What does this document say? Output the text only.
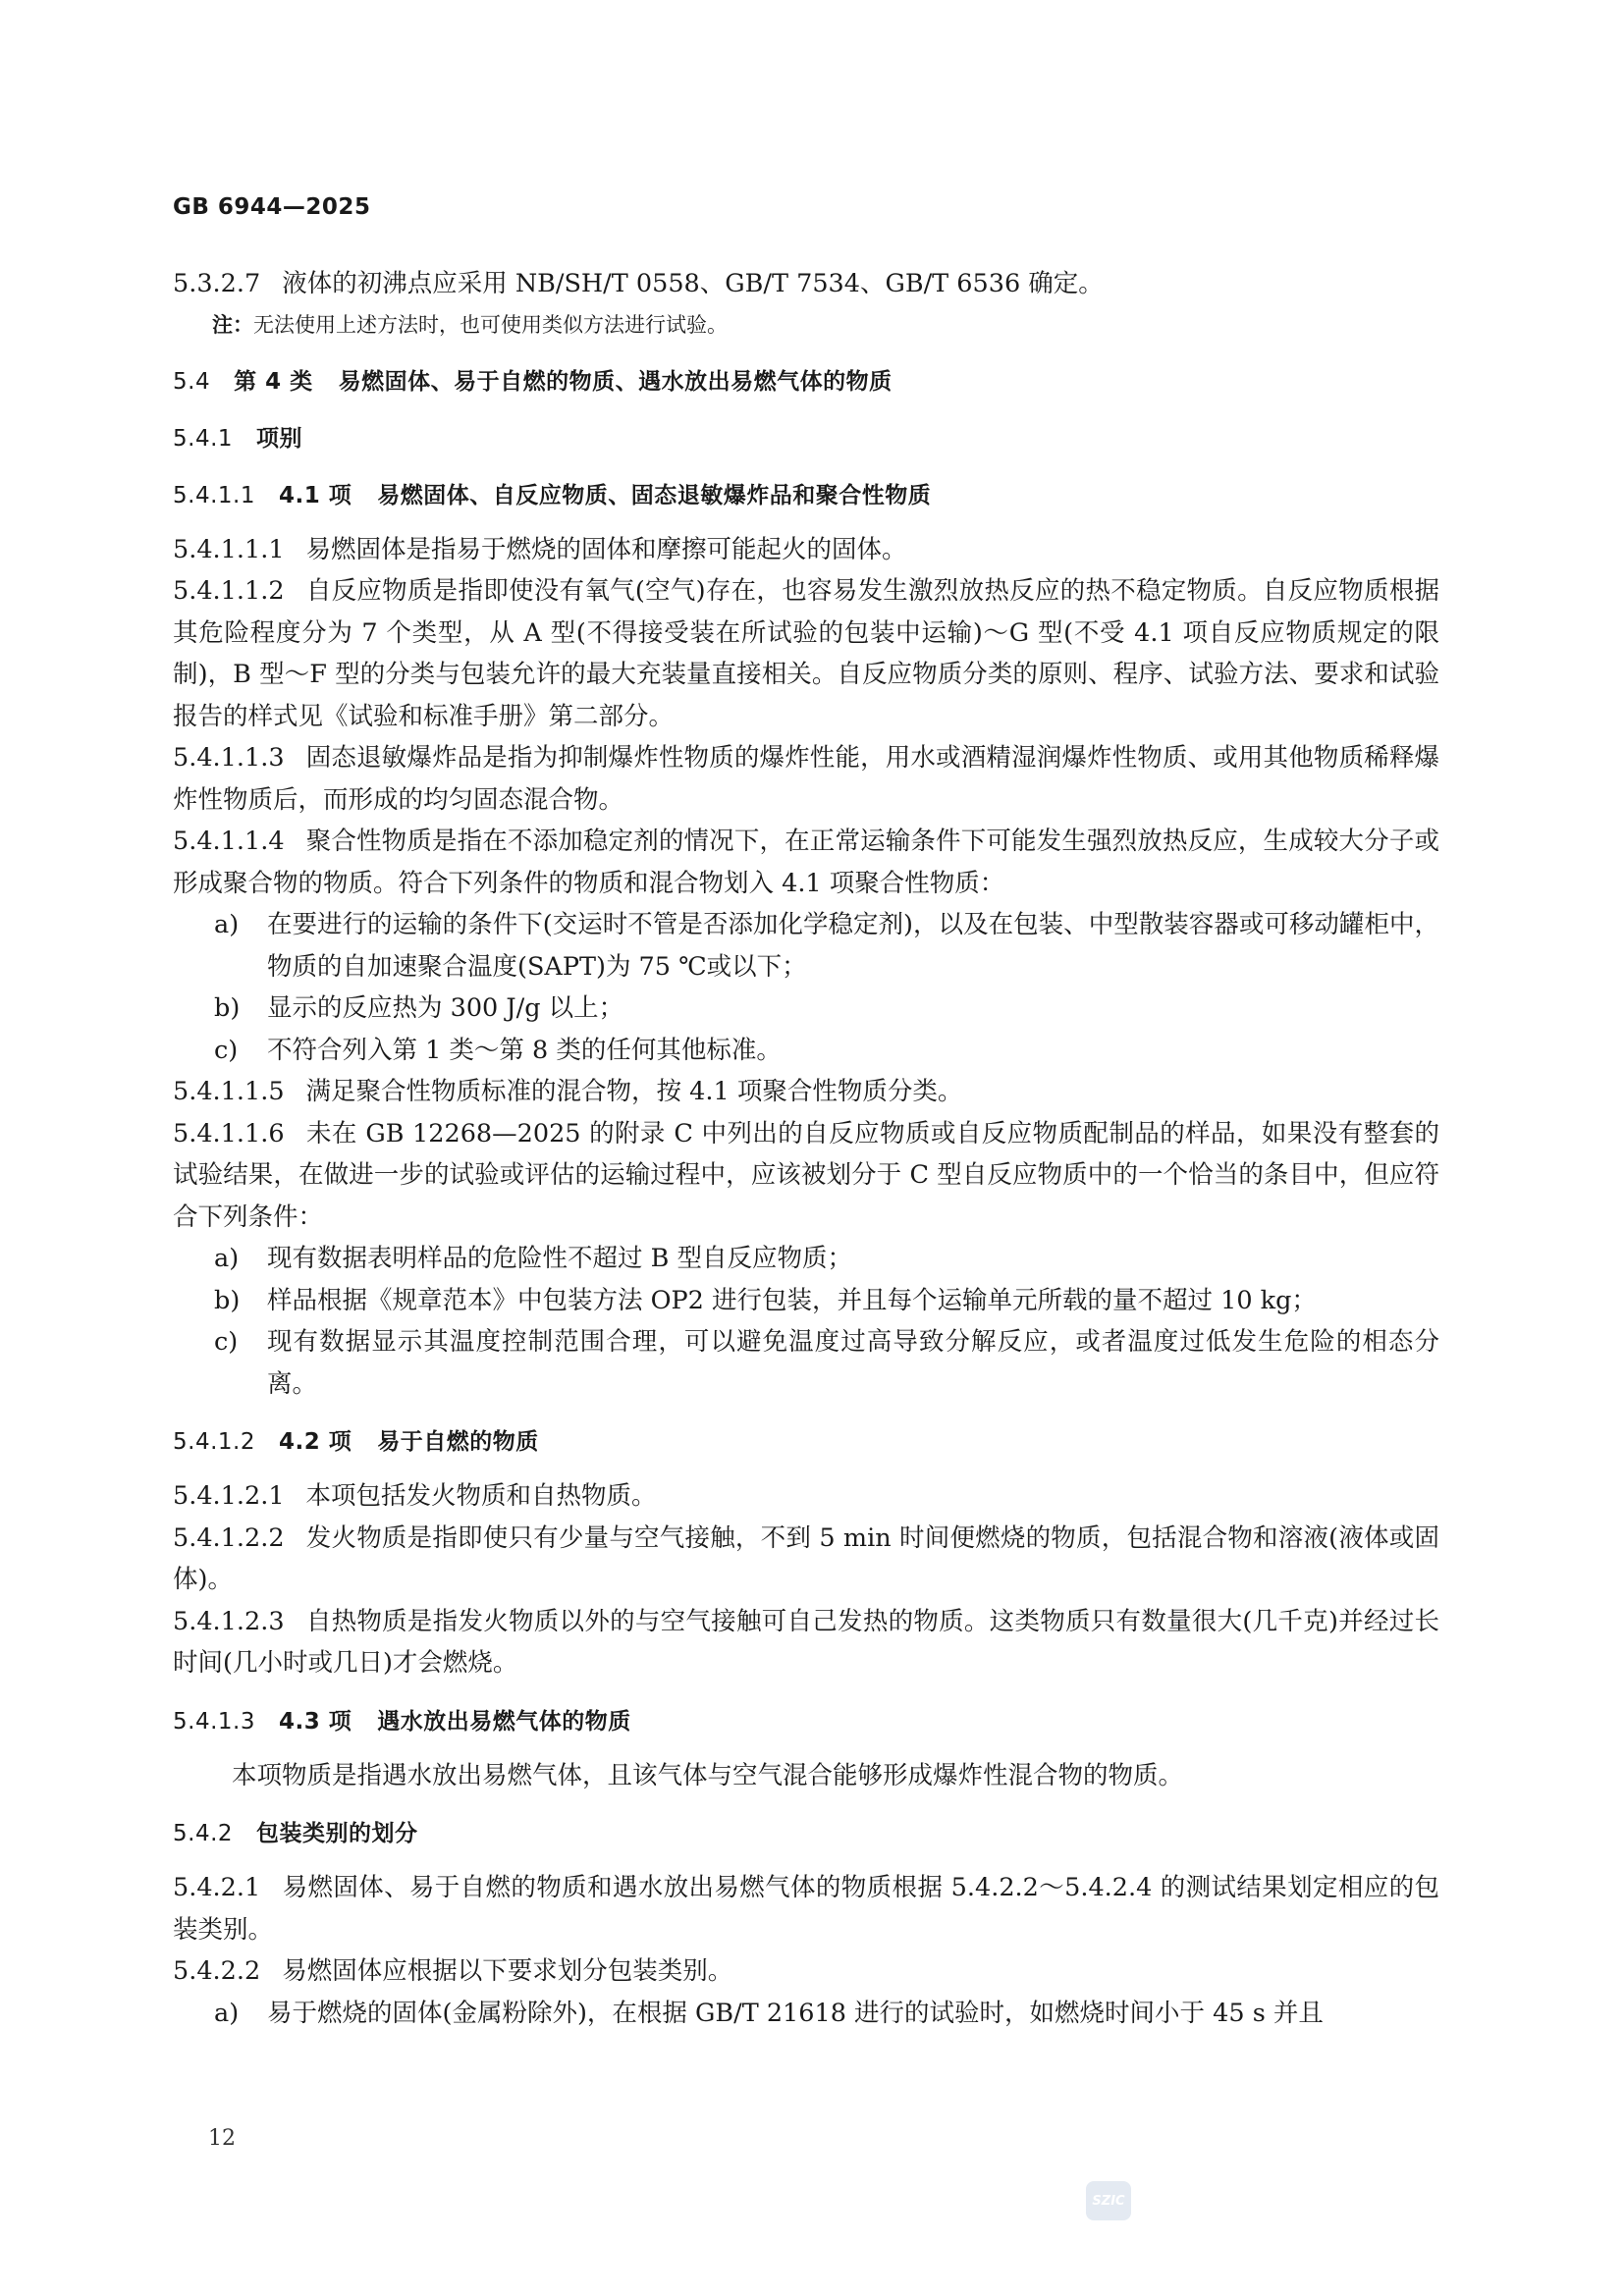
GB 6944—2025

5.3.2.7 液体的初沸点应采用 NB/SH/T 0558、GB/T 7534、GB/T 6536 确定。

注：无法使用上述方法时，也可使用类似方法进行试验。

5.4 第 4 类 易燃固体、易于自燃的物质、遇水放出易燃气体的物质
5.4.1 项别
5.4.1.1 4.1 项 易燃固体、自反应物质、固态退敏爆炸品和聚合性物质

5.4.1.1.1 易燃固体是指易于燃烧的固体和摩擦可能起火的固体。

5.4.1.1.2 自反应物质是指即使没有氧气(空气)存在，也容易发生激烈放热反应的热不稳定物质。自反应物质根据其危险程度分为 7 个类型，从 A 型(不得接受装在所试验的包装中运输)～G 型(不受 4.1 项自反应物质规定的限制)，B 型～F 型的分类与包装允许的最大充装量直接相关。自反应物质分类的原则、程序、试验方法、要求和试验报告的样式见《试验和标准手册》第二部分。

5.4.1.1.3 固态退敏爆炸品是指为抑制爆炸性物质的爆炸性能，用水或酒精湿润爆炸性物质、或用其他物质稀释爆炸性物质后，而形成的均匀固态混合物。

5.4.1.1.4 聚合性物质是指在不添加稳定剂的情况下，在正常运输条件下可能发生强烈放热反应，生成较大分子或形成聚合物的物质。符合下列条件的物质和混合物划入 4.1 项聚合性物质：

a)	在要进行的运输的条件下(交运时不管是否添加化学稳定剂)，以及在包装、中型散装容器或可移动罐柜中，物质的自加速聚合温度(SAPT)为 75 ℃或以下；
b)	显示的反应热为 300 J/g 以上；
c)	不符合列入第 1 类～第 8 类的任何其他标准。

5.4.1.1.5 满足聚合性物质标准的混合物，按 4.1 项聚合性物质分类。

5.4.1.1.6 未在 GB 12268—2025 的附录 C 中列出的自反应物质或自反应物质配制品的样品，如果没有整套的试验结果，在做进一步的试验或评估的运输过程中，应该被划分于 C 型自反应物质中的一个恰当的条目中，但应符合下列条件：

a)	现有数据表明样品的危险性不超过 B 型自反应物质；
b)	样品根据《规章范本》中包装方法 OP2 进行包装，并且每个运输单元所载的量不超过 10 kg；
c)	现有数据显示其温度控制范围合理，可以避免温度过高导致分解反应，或者温度过低发生危险的相态分离。
5.4.1.2 4.2 项 易于自燃的物质

5.4.1.2.1 本项包括发火物质和自热物质。

5.4.1.2.2 发火物质是指即使只有少量与空气接触，不到 5 min 时间便燃烧的物质，包括混合物和溶液(液体或固体)。

5.4.1.2.3 自热物质是指发火物质以外的与空气接触可自己发热的物质。这类物质只有数量很大(几千克)并经过长时间(几小时或几日)才会燃烧。

5.4.1.3 4.3 项 遇水放出易燃气体的物质

本项物质是指遇水放出易燃气体，且该气体与空气混合能够形成爆炸性混合物的物质。

5.4.2 包装类别的划分

5.4.2.1 易燃固体、易于自燃的物质和遇水放出易燃气体的物质根据 5.4.2.2～5.4.2.4 的测试结果划定相应的包装类别。

5.4.2.2 易燃固体应根据以下要求划分包装类别。

a)	易于燃烧的固体(金属粉除外)，在根据 GB/T 21618 进行的试验时，如燃烧时间小于 45 s 并且
12
SZIC
